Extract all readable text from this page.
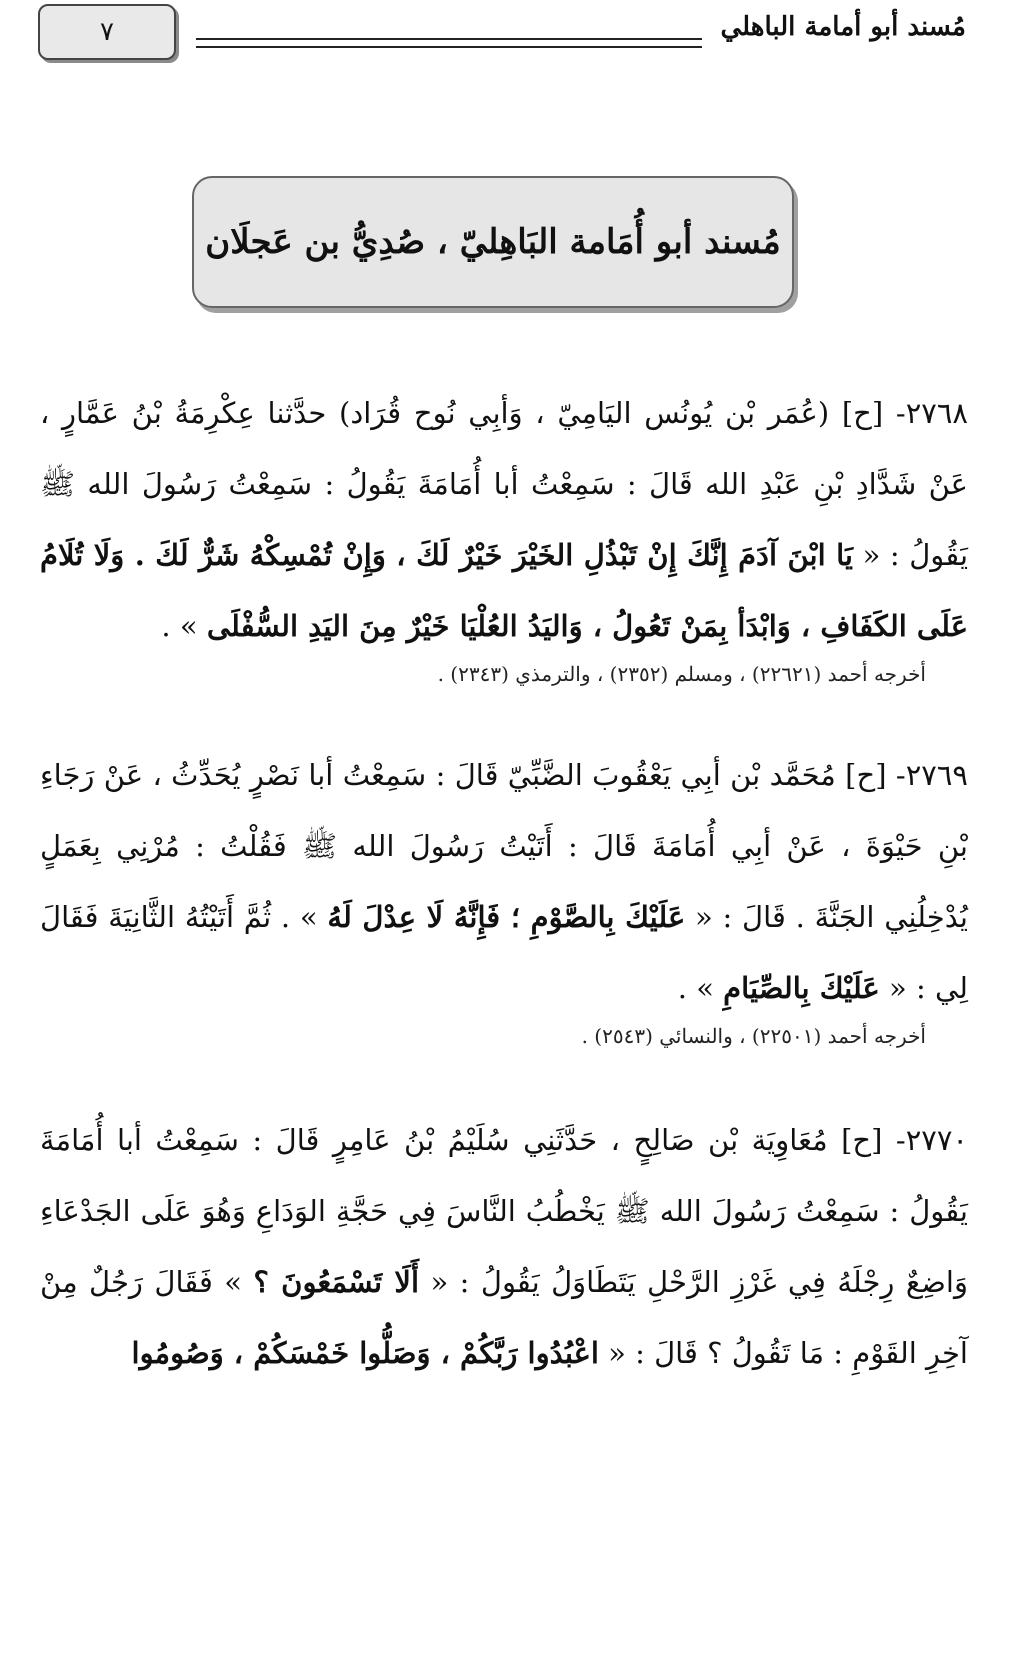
٧	مُسند أبو أمامة الباهلي
مُسند أبو أُمَامة البَاهِليّ ، صُدِيُّ بن عَجلَان

٢٧٦٨- [ح] (عُمَر بْن يُونُس اليَامِيّ ، وَأبِي نُوح قُرَاد) حدَّثنا عِكْرِمَةُ بْنُ عَمَّارٍ ، عَنْ شَدَّادِ بْنِ عَبْدِ الله قَالَ : سَمِعْتُ أبا أُمَامَةَ يَقُولُ : سَمِعْتُ رَسُولَ الله ﷺ يَقُولُ : « يَا ابْنَ آدَمَ إِنَّكَ إِنْ تَبْذُلِ الخَيْرَ خَيْرٌ لَكَ ، وَإِنْ تُمْسِكْهُ شَرٌّ لَكَ . وَلَا تُلَامُ عَلَى الكَفَافِ ، وَابْدَأ بِمَنْ تَعُولُ ، وَاليَدُ العُلْيَا خَيْرٌ مِنَ اليَدِ السُّفْلَى » .

أخرجه أحمد (٢٢٦٢١) ، ومسلم (٢٣٥٢) ، والترمذي (٢٣٤٣) .

٢٧٦٩- [ح] مُحَمَّد بْن أبِي يَعْقُوبَ الضَّبِّيّ قَالَ : سَمِعْتُ أبا نَصْرٍ يُحَدِّثُ ، عَنْ رَجَاءِ بْنِ حَيْوَةَ ، عَنْ أبِي أُمَامَةَ قَالَ : أَتَيْتُ رَسُولَ الله ﷺ فَقُلْتُ : مُرْنِي بِعَمَلٍ يُدْخِلُنِي الجَنَّةَ . قَالَ : « عَلَيْكَ بِالصَّوْمِ ؛ فَإِنَّهُ لَا عِدْلَ لَهُ » . ثُمَّ أَتَيْتُهُ الثَّانِيَةَ فَقَالَ لِي : « عَلَيْكَ بِالصِّيَامِ » .

أخرجه أحمد (٢٢٥٠١) ، والنسائي (٢٥٤٣) .

٢٧٧٠- [ح] مُعَاوِيَة بْن صَالِحٍ ، حَدَّثَنِي سُلَيْمُ بْنُ عَامِرٍ قَالَ : سَمِعْتُ أبا أُمَامَةَ يَقُولُ : سَمِعْتُ رَسُولَ الله ﷺ يَخْطُبُ النَّاسَ فِي حَجَّةِ الوَدَاعِ وَهُوَ عَلَى الجَدْعَاءِ وَاضِعٌ رِجْلَهُ فِي غَرْزِ الرَّحْلِ يَتَطَاوَلُ يَقُولُ : « أَلَا تَسْمَعُونَ ؟ » فَقَالَ رَجُلٌ مِنْ آخِرِ القَوْمِ : مَا تَقُولُ ؟ قَالَ : « اعْبُدُوا رَبَّكُمْ ، وَصَلُّوا خَمْسَكُمْ ، وَصُومُوا
